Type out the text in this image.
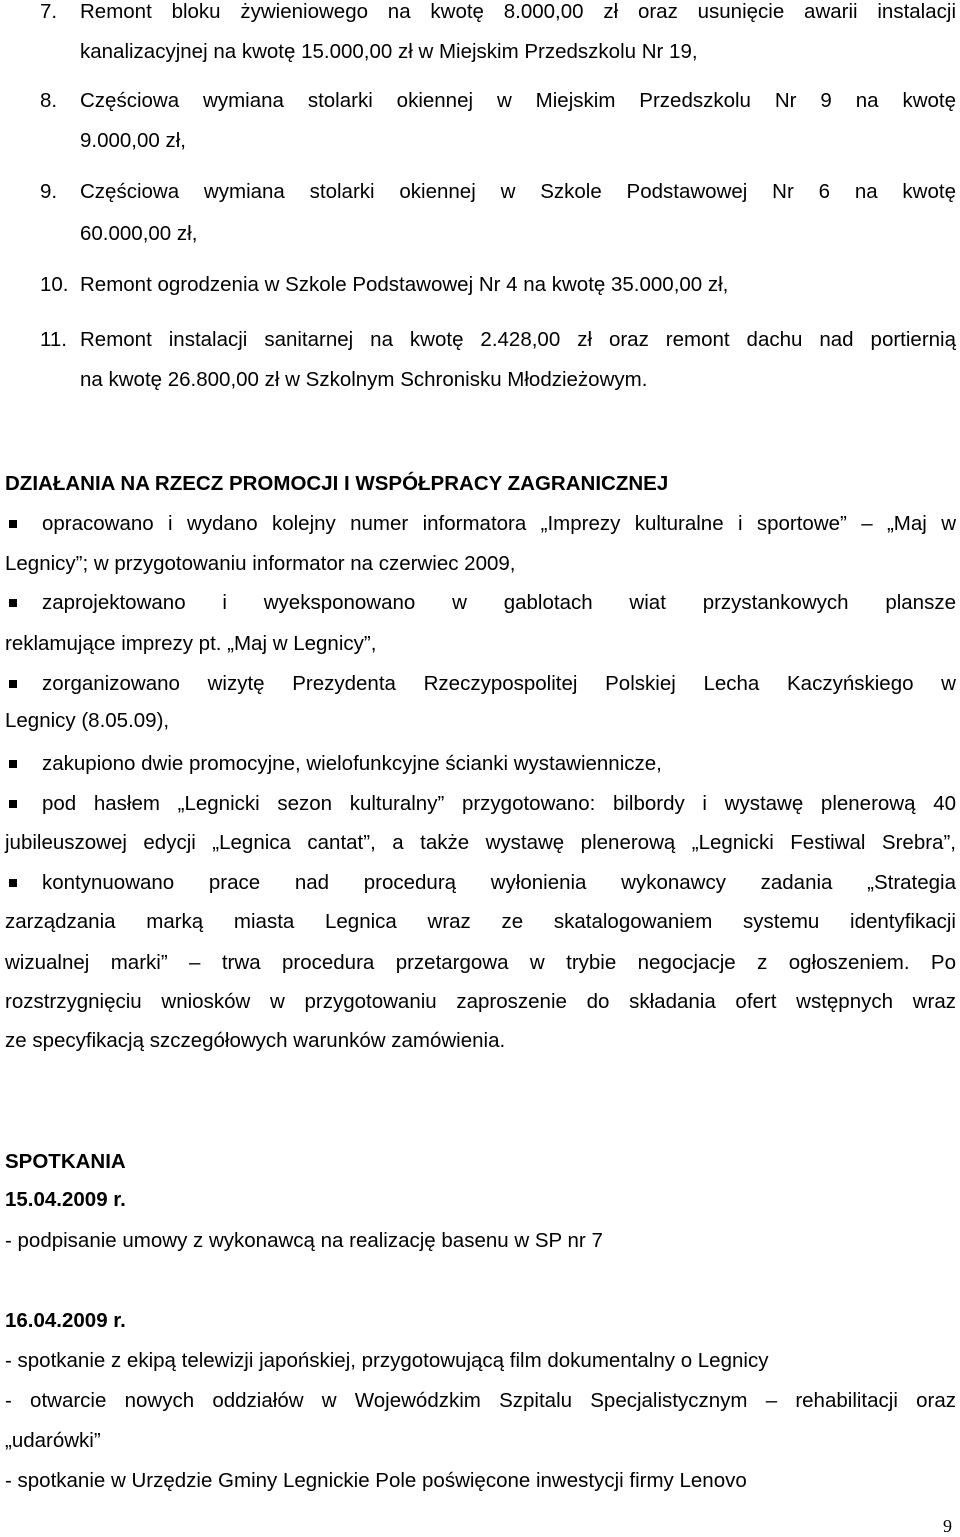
7. Remont bloku żywieniowego na kwotę 8.000,00 zł oraz usunięcie awarii instalacji
kanalizacyjnej na kwotę 15.000,00 zł w Miejskim Przedszkolu Nr 19,
8. Częściowa wymiana stolarki okiennej w Miejskim Przedszkolu Nr 9 na kwotę
9.000,00 zł,
9. Częściowa wymiana stolarki okiennej w Szkole Podstawowej Nr 6 na kwotę
60.000,00 zł,
10. Remont ogrodzenia w Szkole Podstawowej Nr 4 na kwotę 35.000,00 zł,
11. Remont instalacji sanitarnej na kwotę 2.428,00 zł oraz remont dachu nad portiernią
na kwotę 26.800,00 zł w Szkolnym Schronisku Młodzieżowym.
DZIAŁANIA NA RZECZ PROMOCJI I WSPÓŁPRACY ZAGRANICZNEJ
opracowano i wydano kolejny numer informatora „Imprezy kulturalne i sportowe” – „Maj w
Legnicy”; w przygotowaniu informator na czerwiec 2009,
zaprojektowano i wyeksponowano w gablotach wiat przystankowych plansze
reklamujące imprezy pt. „Maj w Legnicy”,
zorganizowano wizytę Prezydenta Rzeczypospolitej Polskiej Lecha Kaczyńskiego w
Legnicy (8.05.09),
zakupiono dwie promocyjne, wielofunkcyjne ścianki wystawiennicze,
pod hasłem „Legnicki sezon kulturalny” przygotowano: bilbordy i wystawę plenerową 40
jubileuszowej edycji „Legnica cantat”, a także wystawę plenerową „Legnicki Festiwal Srebra”,
kontynuowano prace nad procedurą wyłonienia wykonawcy zadania „Strategia
zarządzania marką miasta Legnica wraz ze skatalogowaniem systemu identyfikacji
wizualnej marki” – trwa procedura przetargowa w trybie negocjacje z ogłoszeniem. Po
rozstrzygnięciu wniosków w przygotowaniu zaproszenie do składania ofert wstępnych wraz
ze specyfikacją szczegółowych warunków zamówienia.
SPOTKANIA
15.04.2009 r.
- podpisanie umowy z wykonawcą na realizację basenu w SP nr 7
16.04.2009 r.
- spotkanie z ekipą telewizji japońskiej, przygotowującą film dokumentalny o Legnicy
- otwarcie nowych oddziałów w Wojewódzkim Szpitalu Specjalistycznym – rehabilitacji oraz
„udarówki”
- spotkanie w Urzędzie Gminy Legnickie Pole poświęcone inwestycji firmy Lenovo
9
